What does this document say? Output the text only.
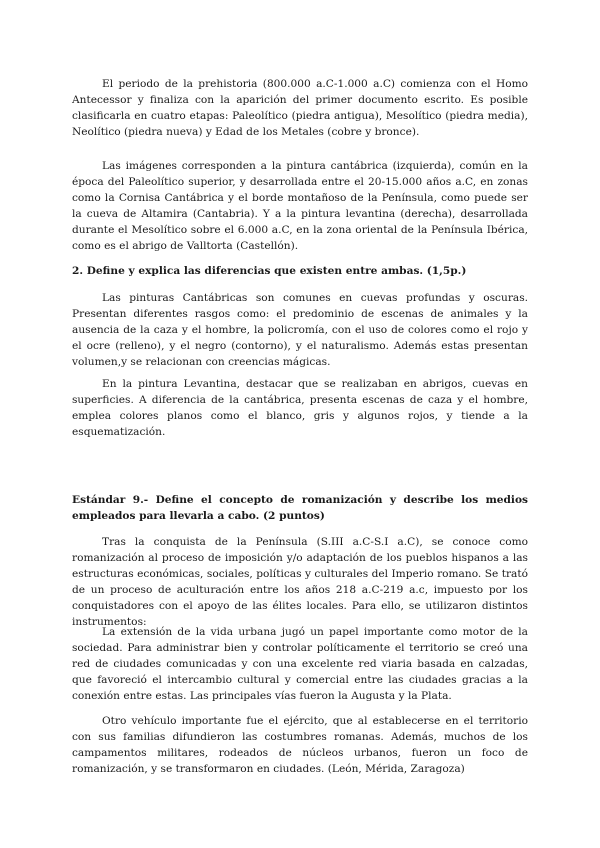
El periodo de la prehistoria (800.000 a.C-1.000 a.C) comienza con el Homo Antecessor y finaliza con la aparición del primer documento escrito. Es posible clasificarla en cuatro etapas: Paleolítico (piedra antigua), Mesolítico (piedra media), Neolítico (piedra nueva) y Edad de los Metales (cobre y bronce).

Las imágenes corresponden a la pintura cantábrica (izquierda), común en la época del Paleolítico superior, y desarrollada entre el 20-15.000 años a.C, en zonas como la Cornisa Cantábrica y el borde montañoso de la Península, como puede ser la cueva de Altamira (Cantabria). Y a la pintura levantina (derecha), desarrollada durante el Mesolítico sobre el 6.000 a.C, en la zona oriental de la Península Ibérica, como es el abrigo de Valltorta (Castellón).

2. Define y explica las diferencias que existen entre ambas. (1,5p.)

Las pinturas Cantábricas son comunes en cuevas profundas y oscuras. Presentan diferentes rasgos como: el predominio de escenas de animales y la ausencia de la caza y el hombre, la policromía, con el uso de colores como el rojo y el ocre (relleno), y el negro (contorno), y el naturalismo. Además estas presentan volumen,y se relacionan con creencias mágicas.

En la pintura Levantina, destacar que se realizaban en abrigos, cuevas en superficies. A diferencia de la cantábrica, presenta escenas de caza y el hombre, emplea colores planos como el blanco, gris y algunos rojos, y tiende a la esquematización.

Estándar 9.- Define el concepto de romanización y describe los medios empleados para llevarla a cabo. (2 puntos)

Tras la conquista de la Península (S.III a.C-S.I a.C), se conoce como romanización al proceso de imposición y/o adaptación de los pueblos hispanos a las estructuras económicas, sociales, políticas y culturales del Imperio romano. Se trató de un proceso de aculturación entre los años 218 a.C-219 a.c, impuesto por los conquistadores con el apoyo de las élites locales. Para ello, se utilizaron distintos instrumentos:

La extensión de la vida urbana jugó un papel importante como motor de la sociedad. Para administrar bien y controlar políticamente el territorio se creó una red de ciudades comunicadas y con una excelente red viaria basada en calzadas, que favoreció el intercambio cultural y comercial entre las ciudades gracias a la conexión entre estas. Las principales vías fueron la Augusta y la Plata.

Otro vehículo importante fue el ejército, que al establecerse en el territorio con sus familias difundieron las costumbres romanas. Además, muchos de los campamentos militares, rodeados de núcleos urbanos, fueron un foco de romanización, y se transformaron en ciudades. (León, Mérida, Zaragoza)
